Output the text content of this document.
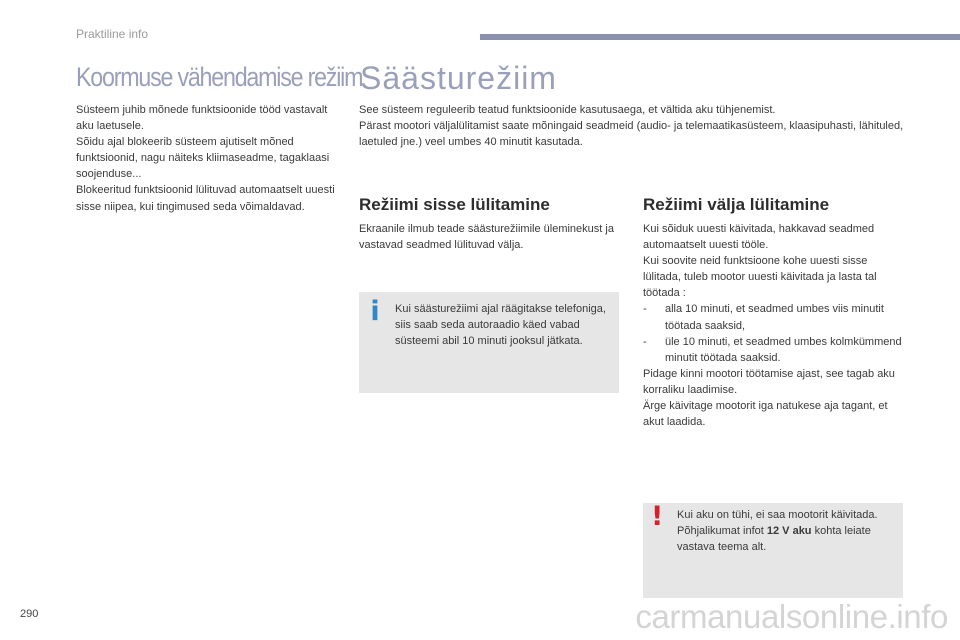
Praktiline info
Koormuse vähendamise režiim

Süsteem juhib mõnede funktsioonide tööd vastavalt aku laetusele.

Sõidu ajal blokeerib süsteem ajutiselt mõned funktsioonid, nagu näiteks kliimaseadme, tagaklaasi soojenduse...

Blokeeritud funktsioonid lülituvad automaatselt uuesti sisse niipea, kui tingimused seda võimaldavad.

Säästurežiim

See süsteem reguleerib teatud funktsioonide kasutusaega, et vältida aku tühjenemist.

Pärast mootori väljalülitamist saate mõningaid seadmeid (audio- ja telemaatikasüsteem, klaasipuhasti, lähituled, laetuled jne.) veel umbes 40 minutit kasutada.

Režiimi sisse lülitamine
Ekraanile ilmub teade säästurežiimile üleminekust ja vastavad seadmed lülituvad välja.
i Kui säästurežiimi ajal räägitakse telefoniga, siis saab seda autoraadio käed vabad süsteemi abil 10 minuti jooksul jätkata.
Režiimi välja lülitamine

Kui sõiduk uuesti käivitada, hakkavad seadmed automaatselt uuesti tööle.

Kui soovite neid funktsioone kohe uuesti sisse lülitada, tuleb mootor uuesti käivitada ja lasta tal töötada :

-	alla 10 minuti, et seadmed umbes viis minutit töötada saaksid,
-	üle 10 minuti, et seadmed umbes kolmkümmend minutit töötada saaksid.

Pidage kinni mootori töötamise ajast, see tagab aku korraliku laadimise.

Ärge käivitage mootorit iga natukese aja tagant, et akut laadida.

! Kui aku on tühi, ei saa mootorit käivitada.

Põhjalikumat infot 12 V aku kohta leiate vastava teema alt.

290	carmanualsonline.info
